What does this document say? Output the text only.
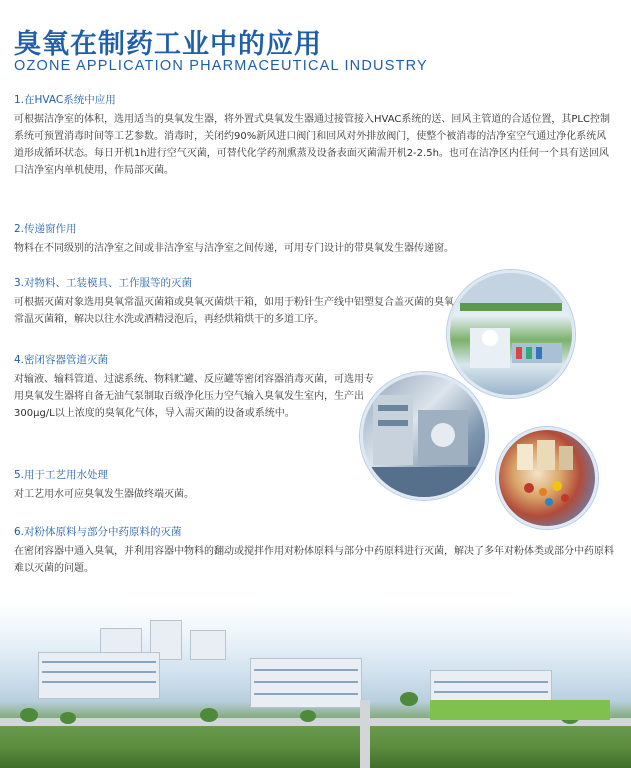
臭氧在制药工业中的应用
OZONE APPLICATION PHARMACEUTICAL INDUSTRY

1.在HVAC系统中应用

可根据洁净室的体积，选用适当的臭氧发生器，将外置式臭氧发生器通过接管接入HVAC系统的送、回风主管道的合适位置，其PLC控制系统可预置消毒时间等工艺参数。消毒时，关闭约90%新风进口阀门和回风对外排放阀门，使整个被消毒的洁净室空气通过净化系统风道形成循环状态。每日开机1h进行空气灭菌，可替代化学药剂熏蒸及设备表面灭菌需开机2-2.5h。也可在洁净区内任何一个具有送回风口洁净室内单机使用，作局部灭菌。

2.传递窗作用

物料在不同级别的洁净室之间或非洁净室与洁净室之间传递，可用专门设计的带臭氧发生器传递窗。

3.对物料、工装模具、工作服等的灭菌

可根据灭菌对象选用臭氧常温灭菌箱或臭氧灭菌烘干箱，如用于粉针生产线中铝塑复合盖灭菌的臭氧常温灭菌箱，解决以往水洗或酒精浸泡后，再经烘箱烘干的多道工序。

4.密闭容器管道灭菌

对输液、输料管道、过滤系统、物料贮罐、反应罐等密闭容器消毒灭菌，可选用专用臭氧发生器将自备无油气泵制取百级净化压力空气输入臭氧发生室内，生产出300μg/L以上浓度的臭氧化气体，导入需灭菌的设备或系统中。

5.用于工艺用水处理

对工艺用水可应臭氧发生器做终端灭菌。

6.对粉体原料与部分中药原料的灭菌

在密闭容器中通入臭氧，并利用容器中物料的翻动或搅拌作用对粉体原料与部分中药原料进行灭菌，解决了多年对粉体类或部分中药原料难以灭菌的问题。
